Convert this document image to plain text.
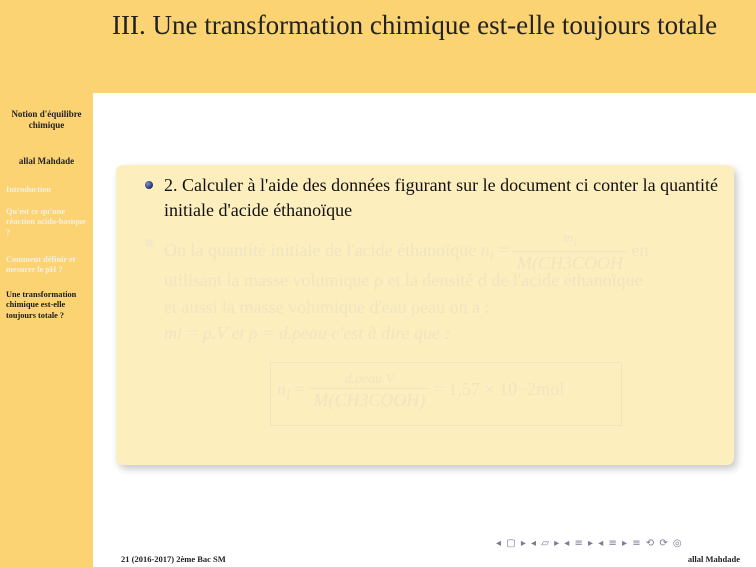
Notion d'équilibre chimique
allal Mahdade
Introduction
Qu'est ce qu'une réaction acido-basique ?
Comment définir et mesurer le pH ?
Une transformation chimique est-elle toujours totale ?
III. Une transformation chimique est-elle toujours totale
2. Calculer à l'aide des données figurant sur le document ci conter la quantité initiale d'acide éthanoïque
On la quantité initiale de l'acide éthanoïque $n_i = \frac{m_i}{\text{M(CH3COOH}}$ en
utilisant la masse volumique ρ et la densité d de l'acide éthanoïque
et aussi la masse volumique d'eau ρeau on a :
mi = ρ.V et ρ = d.ρeau c'est à dire que :
$n_i = \frac{\text{d.ρeau.V}}{\text{M(CH3COOH)}} = 1,57 \times 10-2mol$
◂ ▢ ▸ ◂ ▱ ▸ ◂ ≡ ▸ ◂ ≡ ▸ ≡ ⟲ ⟳ ◎
21 (2016-2017) 2ème Bac SM	allal Mahdade
